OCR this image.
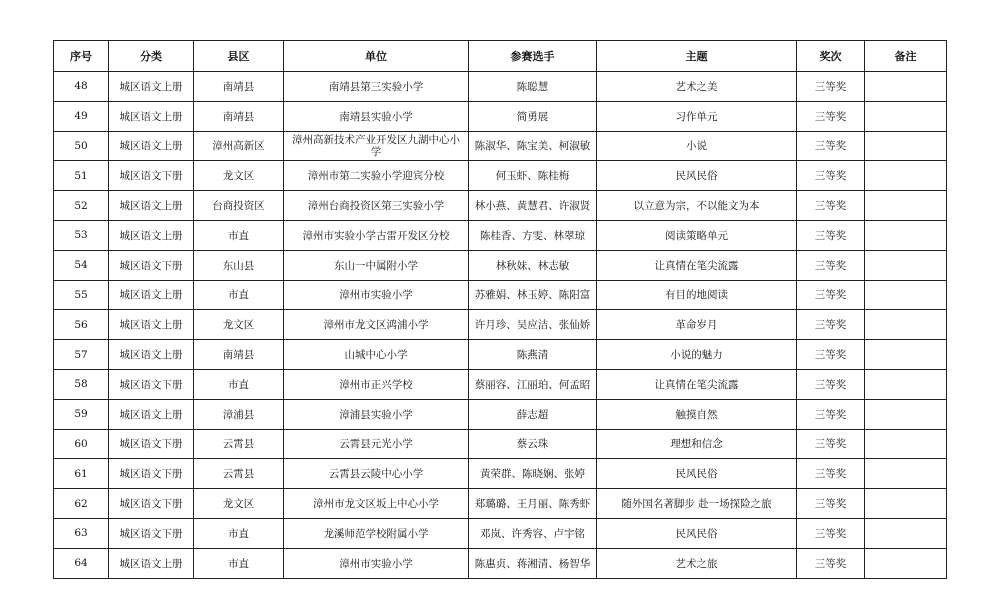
序号	分类	县区	单位	参赛选手	主题	奖次	备注
48	城区语文上册	南靖县	南靖县第三实验小学	陈聪慧	艺术之美	三等奖	
49	城区语文上册	南靖县	南靖县实验小学	简勇展	习作单元	三等奖	
50	城区语文上册	漳州高新区	漳州高新技术产业开发区九湖中心小学	陈淑华、陈宝美、柯淑敏	小说	三等奖	
51	城区语文下册	龙文区	漳州市第二实验小学迎宾分校	何玉虾、陈桂梅	民风民俗	三等奖	
52	城区语文上册	台商投资区	漳州台商投资区第三实验小学	林小燕、黄慧君、许淑贤	以立意为宗，不以能文为本	三等奖	
53	城区语文上册	市直	漳州市实验小学古雷开发区分校	陈桂香、方雯、林翠琼	阅读策略单元	三等奖	
54	城区语文下册	东山县	东山一中属附小学	林秋妹、林志敏	让真情在笔尖流露	三等奖	
55	城区语文上册	市直	漳州市实验小学	苏雅娟、林玉婷、陈阳富	有目的地阅读	三等奖	
56	城区语文上册	龙文区	漳州市龙文区鸿浦小学	许月珍、吴应洁、张仙娇	革命岁月	三等奖	
57	城区语文上册	南靖县	山城中心小学	陈燕清	小说的魅力	三等奖	
58	城区语文下册	市直	漳州市正兴学校	蔡丽容、江丽珀、何孟昭	让真情在笔尖流露	三等奖	
59	城区语文上册	漳浦县	漳浦县实验小学	薛志超	触摸自然	三等奖	
60	城区语文下册	云霄县	云霄县元光小学	蔡云珠	理想和信念	三等奖	
61	城区语文下册	云霄县	云霄县云陵中心小学	黄荣群、陈晓娴、张婷	民风民俗	三等奖	
62	城区语文下册	龙文区	漳州市龙文区坂上中心小学	郑璐璐、王月丽、陈秀虾	随外国名著脚步 赴一场探险之旅	三等奖	
63	城区语文下册	市直	龙溪师范学校附属小学	邓岚、许秀容、卢宇铭	民风民俗	三等奖	
64	城区语文上册	市直	漳州市实验小学	陈惠贞、蒋湘清、杨智华	艺术之旅	三等奖	
